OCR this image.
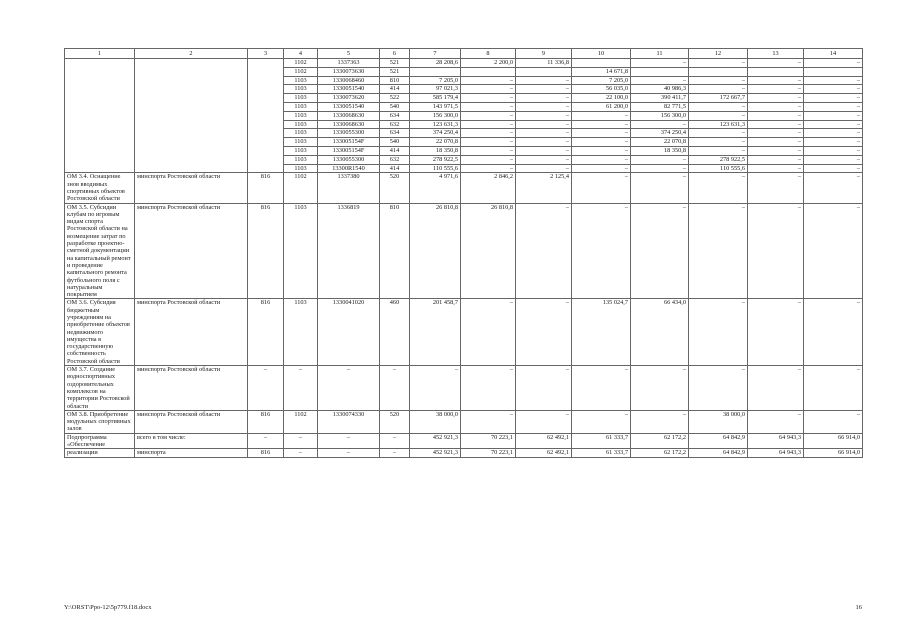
1	2	3	4	5	6	7	8	9	10	11	12	13	14
			1102	1337363	521	28 208,6	2 200,0	11 336,8		–	–	–	–
			1102	1330073630	521				14 671,8				
			1103	1330068460	810	7 205,0	–	–	7 205,0	–	–	–	–
			1103	1330051540	414	97 021,3	–	–	56 035,0	40 986,3	–	–	–
			1103	1330073620	522	585 179,4	–	–	22 100,0	390 411,7	172 667,7	–	–
			1103	1330051540	540	143 971,5	–	–	61 200,0	82 771,5	–	–	–
			1103	1330068630	634	156 300,0	–	–	–	156 300,0	–	–	–
			1103	1330068630	632	123 631,3	–	–	–	–	123 631,3	–	–
			1103	1330055300	634	374 250,4	–	–	–	374 250,4	–	–	–
			1103	133005154F	540	22 070,8	–	–	–	22 070,8	–	–	–
			1103	133005154F	414	18 350,8	–	–	–	18 350,8	–	–	–
			1103	1330055300	632	278 922,5	–	–	–	–	278 922,5	–	–
			1103	13300R1540	414	110 555,6	–	–	–	–	110 555,6	–	–
ОМ 3.4. Оснащение знов вводимых спортивных объектов Ростовской области	минспорта Ростовской области	816	1102	1337380	520	4 971,6	2 846,2	2 125,4	–	–	–	–	–
ОМ 3.5. Субсидии клубам по игровым видам спорта Ростовской области на возмещение затрат по разработке проектно-сметной документации на капитальный ремонт и проведение капитального ремонта футбольного поля с натуральным покрытием	минспорта Ростовской области	816	1103	1336819	810	26 810,8	26 810,8	–	–	–	–	–	–
ОМ 3.6. Субсидия бюджетным учреждениям на приобретение объектов недвижимого имущества в государственную собственность Ростовской области	минспорта Ростовской области	816	1103	1330041020	460	201 458,7	–	–	135 024,7	66 434,0	–	–	–
ОМ 3.7. Создание водноспортивных оздоровительных комплексов на территории Ростовской области	минспорта Ростовской области	–	–	–	–	–	–	–	–	–	–	–	–
ОМ 3.8. Приобретение модульных спортивных залов	минспорта Ростовской области	816	1102	1330074330	520	38 000,0	–	–	–	–	38 000,0	–	–
Подпрограмма «Обеспечение	всего в том числе:	–	–	–	–	452 921,3	70 223,1	62 492,1	61 333,7	62 172,2	64 842,9	64 943,3	66 914,0
реализации	минспорта	816	–	–	–	452 921,3	70 223,1	62 492,1	61 333,7	62 172,2	64 842,9	64 943,3	66 914,0
Y:\ORST\Ppo-12\5p779.f18.docx	16
